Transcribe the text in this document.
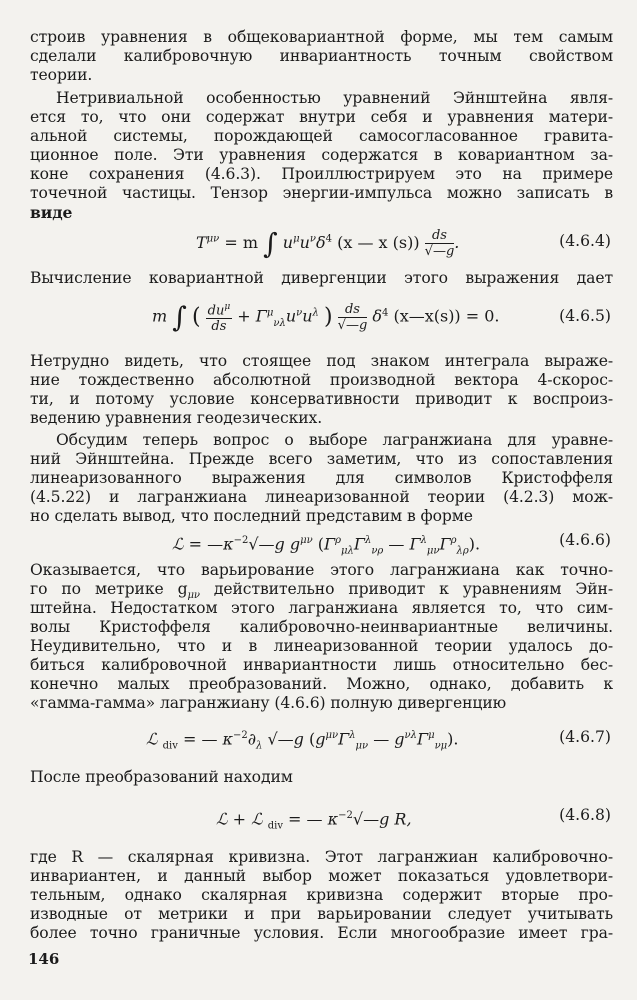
строив уравнения в общековариантной форме, мы тем самым
сделали калибровочную инвариантность точным свойством
теории.
Нетривиальной особенностью уравнений Эйнштейна явля-
ется то, что они содержат внутри себя и уравнения матери-
альной системы, порождающей самосогласованное гравита-
ционное поле. Эти уравнения содержатся в ковариантном за-
коне сохранения (4.6.3). Проиллюстрируем это на примере
точечной частицы. Тензор энергии-импульса можно записать в
виде
$T^{\mu\nu} = m$ ∫ $u^\mu u^\nu\delta^4$ (x — x $(s)) \frac{ds}{√—g}$ .	(4.6.4)
Вычисление ковариантной дивергенции этого выражения дает
m ∫ ( $du^\mu$
ds
+ $\Gamma^\mu_{\nu\lambda}u^\nu u^\lambda$ ) $\frac{ds}{√—g} \delta^4$ (x—x(s)) = 0.	(4.6.5)
Нетрудно видеть, что стоящее под знаком интеграла выраже-
ние тождественно абсолютной производной вектора 4-скорос-
ти, и потому условие консервативности приводит к воспроиз-
ведению уравнения геодезических.
Обсудим теперь вопрос о выборе лагранжиана для уравне-
ний Эйнштейна. Прежде всего заметим, что из сопоставления
линеаризованного выражения для символов Кристоффеля
(4.5.22) и лагранжиана линеаризованной теории (4.2.3) мож-
но сделать вывод, что последний представим в форме
ℒ = $—\kappa^{-2}√—g$ $g^{\mu\nu}$ ($\Gamma^\rho_{\mu\lambda}\Gamma^\lambda_{\nu\rho}$ — $\Gamma^\lambda_{\mu\nu}\Gamma^\rho_{\lambda\rho}$).	(4.6.6)
Оказывается, что варьирование этого лагранжиана как точно-
го по метрике $g_{\mu\nu}$ действительно приводит к уравнениям Эйн-
штейна. Недостатком этого лагранжиана является то, что сим-
волы Кристоффеля калибровочно-неинвариантные величины.
Неудивительно, что и в линеаризованной теории удалось до-
биться калибровочной инвариантности лишь относительно бес-
конечно малых преобразований. Можно, однако, добавить к
«гамма-гамма» лагранжиану (4.6.6) полную дивергенцию
ℒ $_{div}$ = — $\kappa^{-2}\partial_\lambda$ √—g ($g^{\mu\nu}\Gamma^\lambda_{\mu\nu}$ — $g^{\nu\lambda}\Gamma^\mu_{\nu\mu}$).	(4.6.7)
После преобразований находим
ℒ + ℒ $_{div}$ = — $\kappa^{-2}√—g$ R,	(4.6.8)
где R — скалярная кривизна. Этот лагранжиан калибровочно-
инвариантен, и данный выбор может показаться удовлетвори-
тельным, однако скалярная кривизна содержит вторые про-
изводные от метрики и при варьировании следует учитывать
более точно граничные условия. Если многообразие имеет гра-
146
